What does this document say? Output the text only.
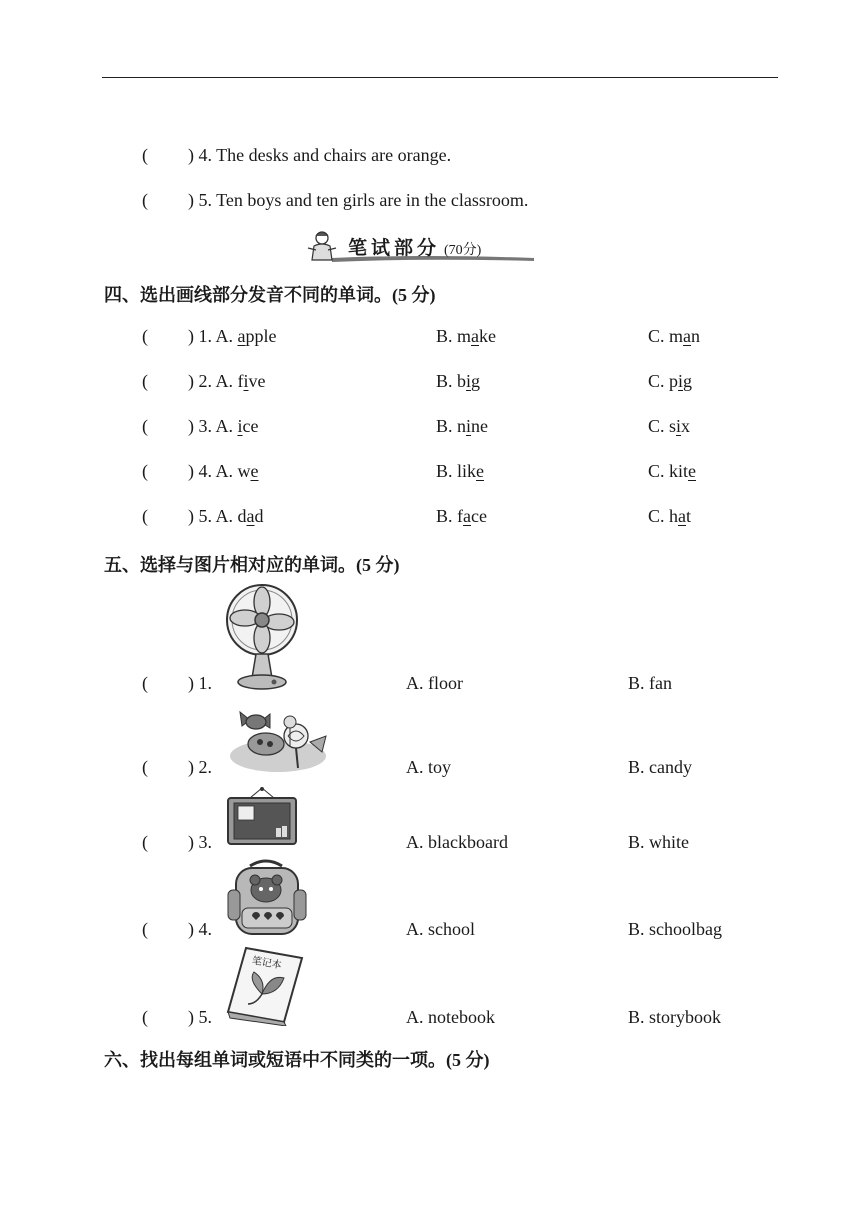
( ) 4. The desks and chairs are orange.
( ) 5. Ten boys and ten girls are in the classroom.
笔试部分 (70分)
四、选出画线部分发音不同的单词。(5 分)
( ) 1. A. apple	B. make	C. man
( ) 2. A. five	B. big	C. pig
( ) 3. A. ice	B. nine	C. six
( ) 4. A. we	B. like	C. kite
( ) 5. A. dad	B. face	C. hat
五、选择与图片相对应的单词。(5 分)
( ) 1.	A. floor	B. fan
( ) 2.	A. toy	B. candy
( ) 3.	A. blackboard	B. white
( ) 4.	A. school	B. schoolbag
( ) 5.	A. notebook	B. storybook
笔记本
六、找出每组单词或短语中不同类的一项。(5 分)
